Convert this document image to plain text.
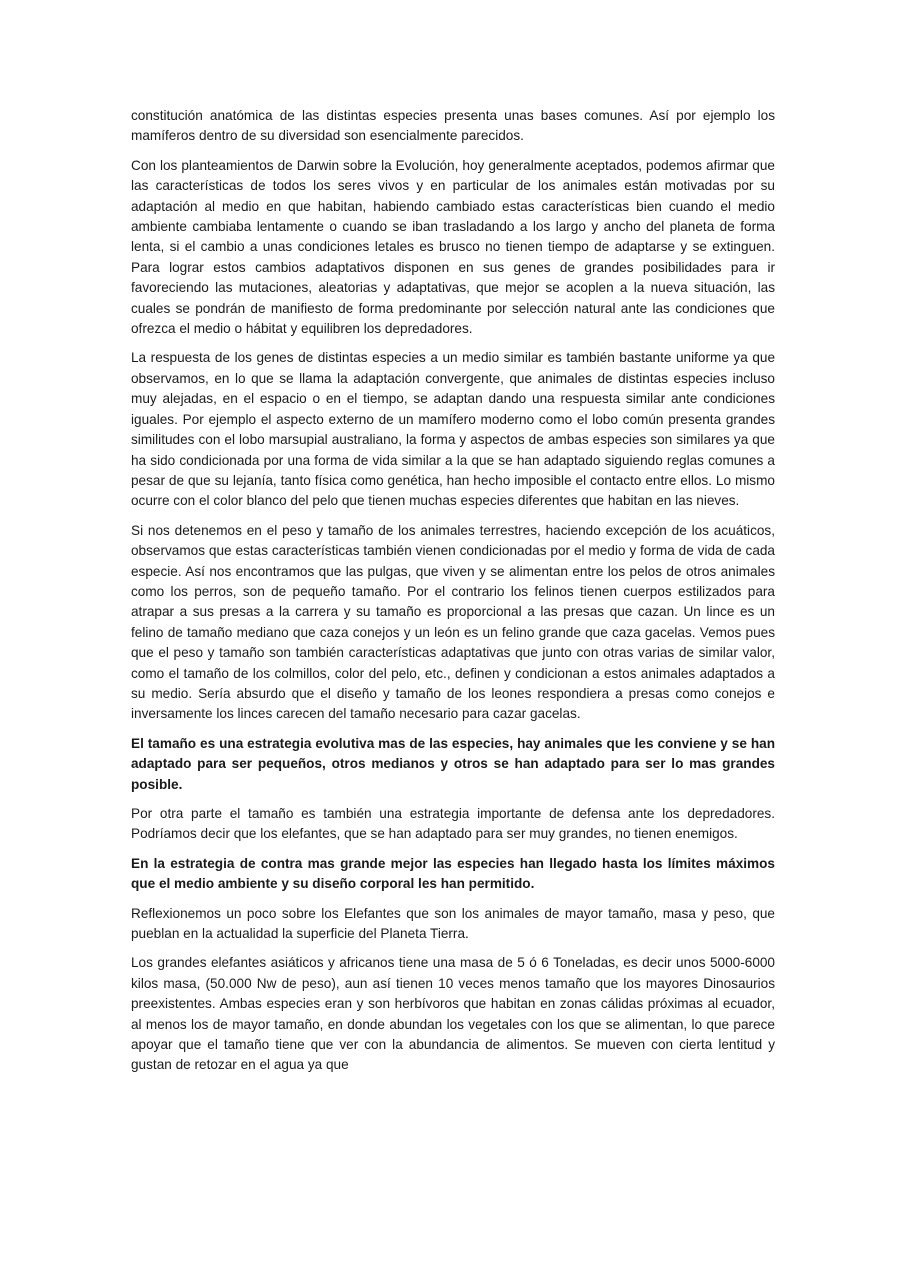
constitución anatómica de las distintas especies presenta unas bases comunes. Así por ejemplo los mamíferos dentro de su diversidad son esencialmente parecidos.

Con los planteamientos de Darwin sobre la Evolución, hoy generalmente aceptados, podemos afirmar que las características de todos los seres vivos y en particular de los animales están motivadas por su adaptación al medio en que habitan, habiendo cambiado estas características bien cuando el medio ambiente cambiaba lentamente o cuando se iban trasladando a los largo y ancho del planeta de forma lenta, si el cambio a unas condiciones letales es brusco no tienen tiempo de adaptarse y se extinguen. Para lograr estos cambios adaptativos disponen en sus genes de grandes posibilidades para ir favoreciendo las mutaciones, aleatorias y adaptativas, que mejor se acoplen a la nueva situación, las cuales se pondrán de manifiesto de forma predominante por selección natural ante las condiciones que ofrezca el medio o hábitat y equilibren los depredadores.

La respuesta de los genes de distintas especies a un medio similar es también bastante uniforme ya que observamos, en lo que se llama la adaptación convergente, que animales de distintas especies incluso muy alejadas, en el espacio o en el tiempo, se adaptan dando una respuesta similar ante condiciones iguales. Por ejemplo el aspecto externo de un mamífero moderno como el lobo común presenta grandes similitudes con el lobo marsupial australiano, la forma y aspectos de ambas especies son similares ya que ha sido condicionada por una forma de vida similar a la que se han adaptado siguiendo reglas comunes a pesar de que su lejanía, tanto física como genética, han hecho imposible el contacto entre ellos. Lo mismo ocurre con el color blanco del pelo que tienen muchas especies diferentes que habitan en las nieves.

Si nos detenemos en el peso y tamaño de los animales terrestres, haciendo excepción de los acuáticos, observamos que estas características también vienen condicionadas por el medio y forma de vida de cada especie. Así nos encontramos que las pulgas, que viven y se alimentan entre los pelos de otros animales como los perros, son de pequeño tamaño. Por el contrario los felinos tienen cuerpos estilizados para atrapar a sus presas a la carrera y su tamaño es proporcional a las presas que cazan. Un lince es un felino de tamaño mediano que caza conejos y un león es un felino grande que caza gacelas. Vemos pues que el peso y tamaño son también características adaptativas que junto con otras varias de similar valor, como el tamaño de los colmillos, color del pelo, etc., definen y condicionan a estos animales adaptados a su medio. Sería absurdo que el diseño y tamaño de los leones respondiera a presas como conejos e inversamente los linces carecen del tamaño necesario para cazar gacelas.

El tamaño es una estrategia evolutiva mas de las especies, hay animales que les conviene y se han adaptado para ser pequeños, otros medianos y otros se han adaptado para ser lo mas grandes posible.

Por otra parte el tamaño es también una estrategia importante de defensa ante los depredadores. Podríamos decir que los elefantes, que se han adaptado para ser muy grandes, no tienen enemigos.

En la estrategia de contra mas grande mejor las especies han llegado hasta los límites máximos que el medio ambiente y su diseño corporal les han permitido.

Reflexionemos un poco sobre los Elefantes que son los animales de mayor tamaño, masa y peso, que pueblan en la actualidad la superficie del Planeta Tierra.

Los grandes elefantes asiáticos y africanos tiene una masa de 5 ó 6 Toneladas, es decir unos 5000-6000 kilos masa, (50.000 Nw de peso), aun así tienen 10 veces menos tamaño que los mayores Dinosaurios preexistentes. Ambas especies eran y son herbívoros que habitan en zonas cálidas próximas al ecuador, al menos los de mayor tamaño, en donde abundan los vegetales con los que se alimentan, lo que parece apoyar que el tamaño tiene que ver con la abundancia de alimentos. Se mueven con cierta lentitud y gustan de retozar en el agua ya que
